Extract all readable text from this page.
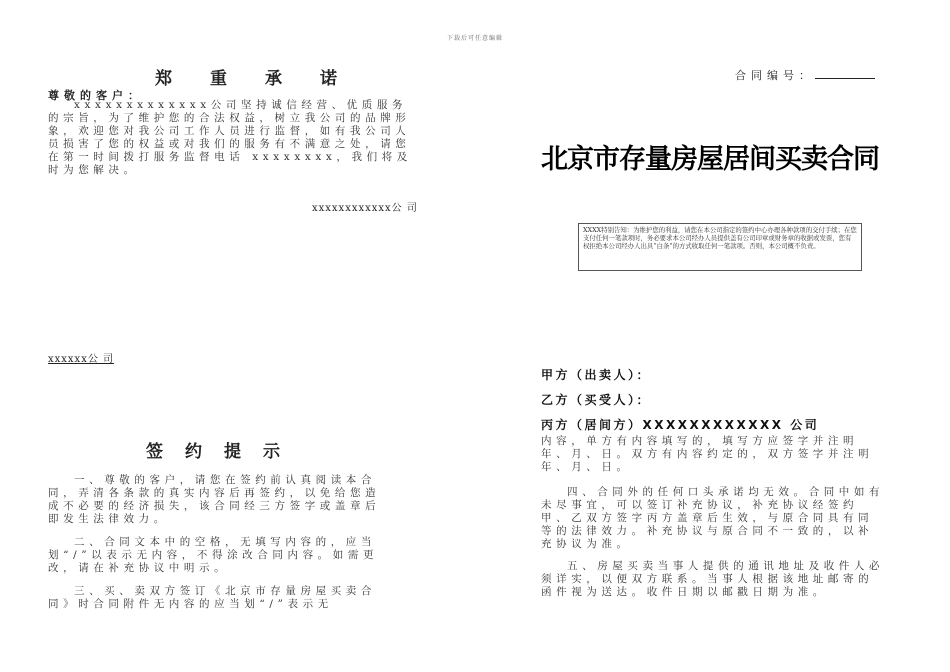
下载后可任意编辑
郑重承诺
尊敬的客户：
xxxxxxxxxxxxx公司坚持诚信经营、优质服务的宗旨，为了维护您的合法权益，树立我公司的品牌形象，欢迎您对我公司工作人员进行监督，如有我公司人员损害了您的权益或对我们的服务有不满意之处，请您在第一时间拨打服务监督电话 xxxxxxxx，我们将及时为您解决。
xxxxxxxxxxxx公 司
xxxxxx公 司
签约提示
一、尊敬的客户，请您在签约前认真阅读本合同，弄清各条款的真实内容后再签约，以免给您造成不必要的经济损失，该合同经三方签字或盖章后即发生法律效力。
二、合同文本中的空格，无填写内容的，应当划“/”以表示无内容，不得涂改合同内容。如需更改，请在补充协议中明示。
三、买、卖双方签订《北京市存量房屋买卖合同》时合同附件无内容的应当划“/”表示无
合同编号：
北京市存量房屋居间买卖合同
XXXX特别告知：为维护您的利益，请您在本公司指定的签约中心办理各种款项的交付手续；在您支付任何一笔款项时，务必要求本公司经办人员提供盖有公司印章或财务章的收据或发票，您有权拒绝本公司经办人出具“白条”的方式收取任何一笔款项。否则，本公司概不负责。
甲方（出卖人）：
乙方（买受人）：
丙方（居间方）XXXXXXXXXXXX 公司
内容，单方有内容填写的，填写方应签字并注明年、月、日。双方有内容约定的，双方签字并注明年、月、日。
四、合同外的任何口头承诺均无效。合同中如有未尽事宜，可以签订补充协议，补充协议经签约甲、乙双方签字丙方盖章后生效，与原合同具有同等的法律效力。补充协议与原合同不一致的，以补充协议为准。
五、房屋买卖当事人提供的通讯地址及收件人必须详实，以便双方联系。当事人根据该地址邮寄的函件视为送达。收件日期以邮戳日期为准。
